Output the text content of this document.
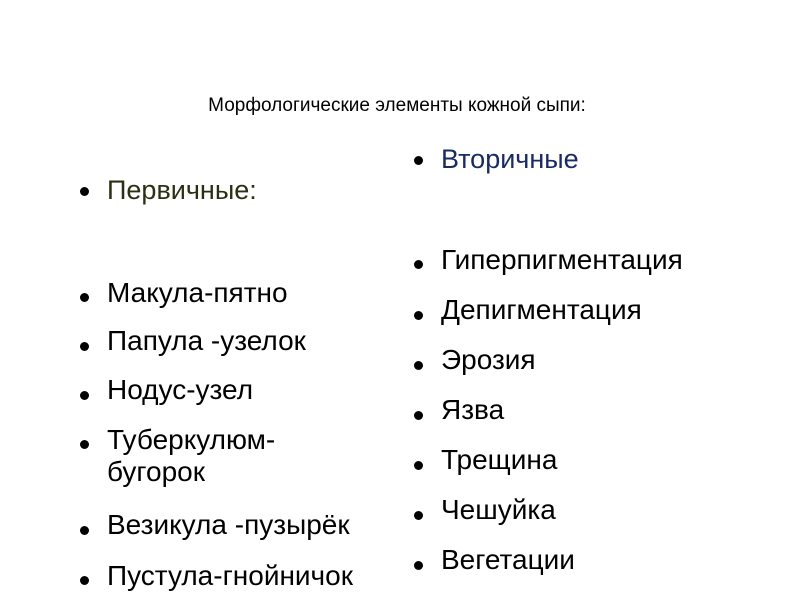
Морфологические элементы кожной сыпи:
Первичные:
Макула-пятно
Папула -узелок
Нодус-узел
Туберкулюм-бугорок
Везикула -пузырёк
Пустула-гнойничок
Вторичные
Гиперпигментация
Депигментация
Эрозия
Язва
Трещина
Чешуйка
Вегетации
